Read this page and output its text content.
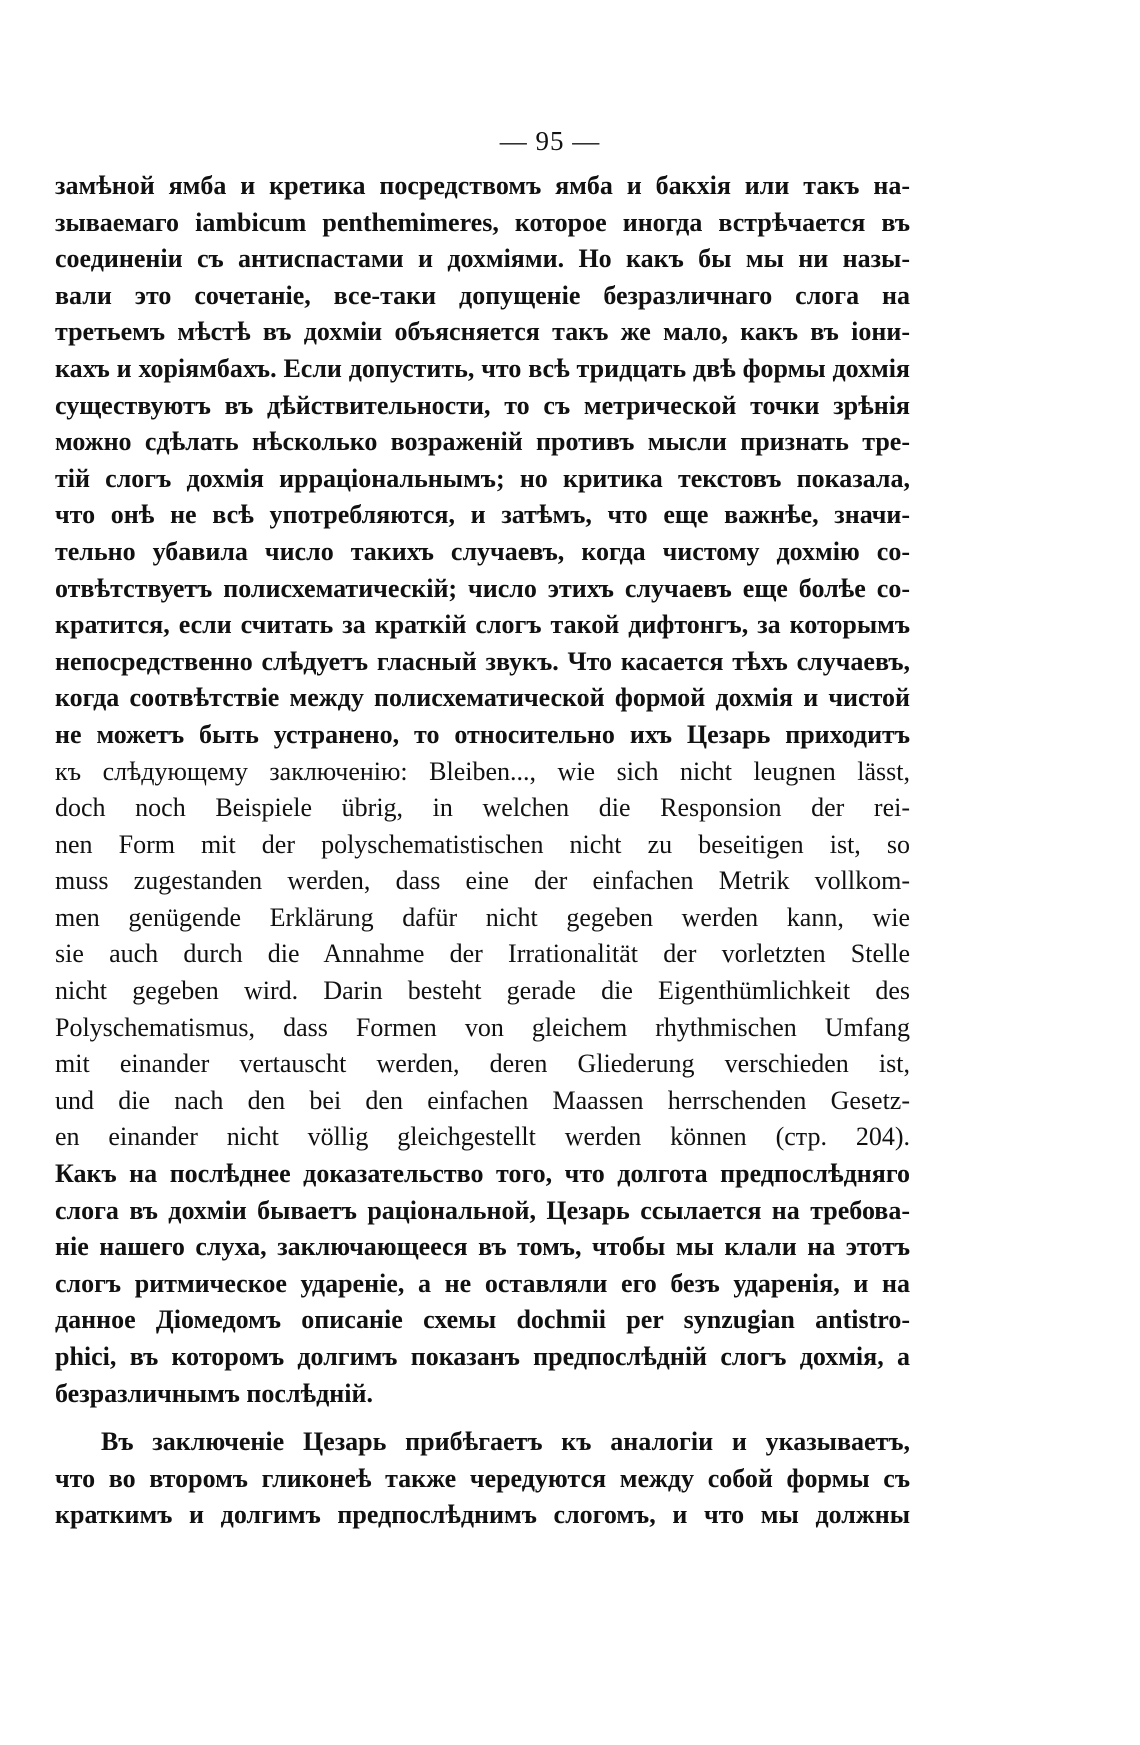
— 95 —
замѣной ямба и кретика посредствомъ ямба и бакхія или такъ на-
зываемаго iambicum penthemimeres, которое иногда встрѣчается въ
соединеніи съ антиспастами и дохміями. Но какъ бы мы ни назы-
вали это сочетаніе, все-таки допущеніе безразличнаго слога на
третьемъ мѣстѣ въ дохміи объясняется такъ же мало, какъ въ іони-
кахъ и хоріямбахъ. Если допустить, что всѣ тридцать двѣ формы дохмія
существуютъ въ дѣйствительности, то съ метрической точки зрѣнія
можно сдѣлать нѣсколько возраженій противъ мысли признать тре-
тій слогъ дохмія ирраціональнымъ; но критика текстовъ показала,
что онѣ не всѣ употребляются, и затѣмъ, что еще важнѣе, значи-
тельно убавила число такихъ случаевъ, когда чистому дохмію со-
отвѣтствуетъ полисхематическій; число этихъ случаевъ еще болѣе со-
кратится, если считать за краткій слогъ такой дифтонгъ, за которымъ
непосредственно слѣдуетъ гласный звукъ. Что касается тѣхъ случаевъ,
когда соотвѣтствіе между полисхематической формой дохмія и чистой
не можетъ быть устранено, то относительно ихъ Цезарь приходитъ
къ слѣдующему заключенію: Bleiben..., wie sich nicht leugnen lässt,
doch noch Beispiele übrig, in welchen die Responsion der rei-
nen Form mit der polyschematistischen nicht zu beseitigen ist, so
muss zugestanden werden, dass eine der einfachen Metrik vollkom-
men genügende Erklärung dafür nicht gegeben werden kann, wie
sie auch durch die Annahme der Irrationalität der vorletzten Stelle
nicht gegeben wird. Darin besteht gerade die Eigenthümlichkeit des
Polyschematismus, dass Formen von gleichem rhythmischen Umfang
mit einander vertauscht werden, deren Gliederung verschieden ist,
und die nach den bei den einfachen Maassen herrschenden Gesetz-
en einander nicht völlig gleichgestellt werden können (стр. 204).
Какъ на послѣднее доказательство того, что долгота предпослѣдняго
слога въ дохміи бываетъ раціональной, Цезарь ссылается на требова-
ніе нашего слуха, заключающееся въ томъ, чтобы мы клали на этотъ
слогъ ритмическое ударенie, а не оставляли его безъ ударенія, и на
данное Діомедомъ описаніе схемы dochmii per synzugian antistro-
phici, въ которомъ долгимъ показанъ предпослѣдній слогъ дохмія, а
безразличнымъ послѣдній.
Въ заключеніе Цезарь прибѣгаетъ къ аналогіи и указываетъ,
что во второмъ гликонеѣ также чередуются между собой формы съ
краткимъ и долгимъ предпослѣднимъ слогомъ, и что мы должны
